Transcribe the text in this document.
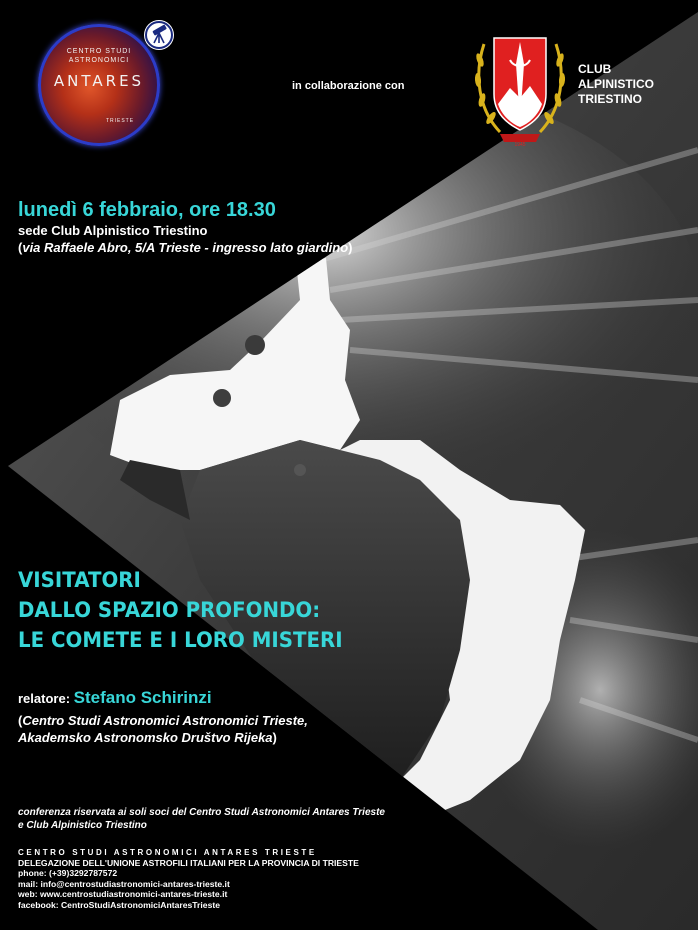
CENTRO STUDI
ASTRONOMICI
ANTARES
TRIESTE
in collaborazione con
1945
CLUB
ALPINISTICO
TRIESTINO
lunedì 6 febbraio, ore 18.30
sede Club Alpinistico Triestino
(via Raffaele Abro, 5/A Trieste - ingresso lato giardino)
VISITATORI
DALLO SPAZIO PROFONDO:
LE COMETE E I LORO MISTERI
relatore: Stefano Schirinzi
(Centro Studi Astronomici Astronomici Trieste,
Akademsko Astronomsko Društvo Rijeka)
conferenza riservata ai soli soci del Centro Studi Astronomici Antares Trieste
e Club Alpinistico Triestino
CENTRO STUDI ASTRONOMICI ANTARES TRIESTE
DELEGAZIONE DELL'UNIONE ASTROFILI ITALIANI PER LA PROVINCIA DI TRIESTE
phone: (+39)3292787572
mail: info@centrostudiastronomici-antares-trieste.it
web: www.centrostudiastronomici-antares-trieste.it
facebook: CentroStudiAstronomiciAntaresTrieste
